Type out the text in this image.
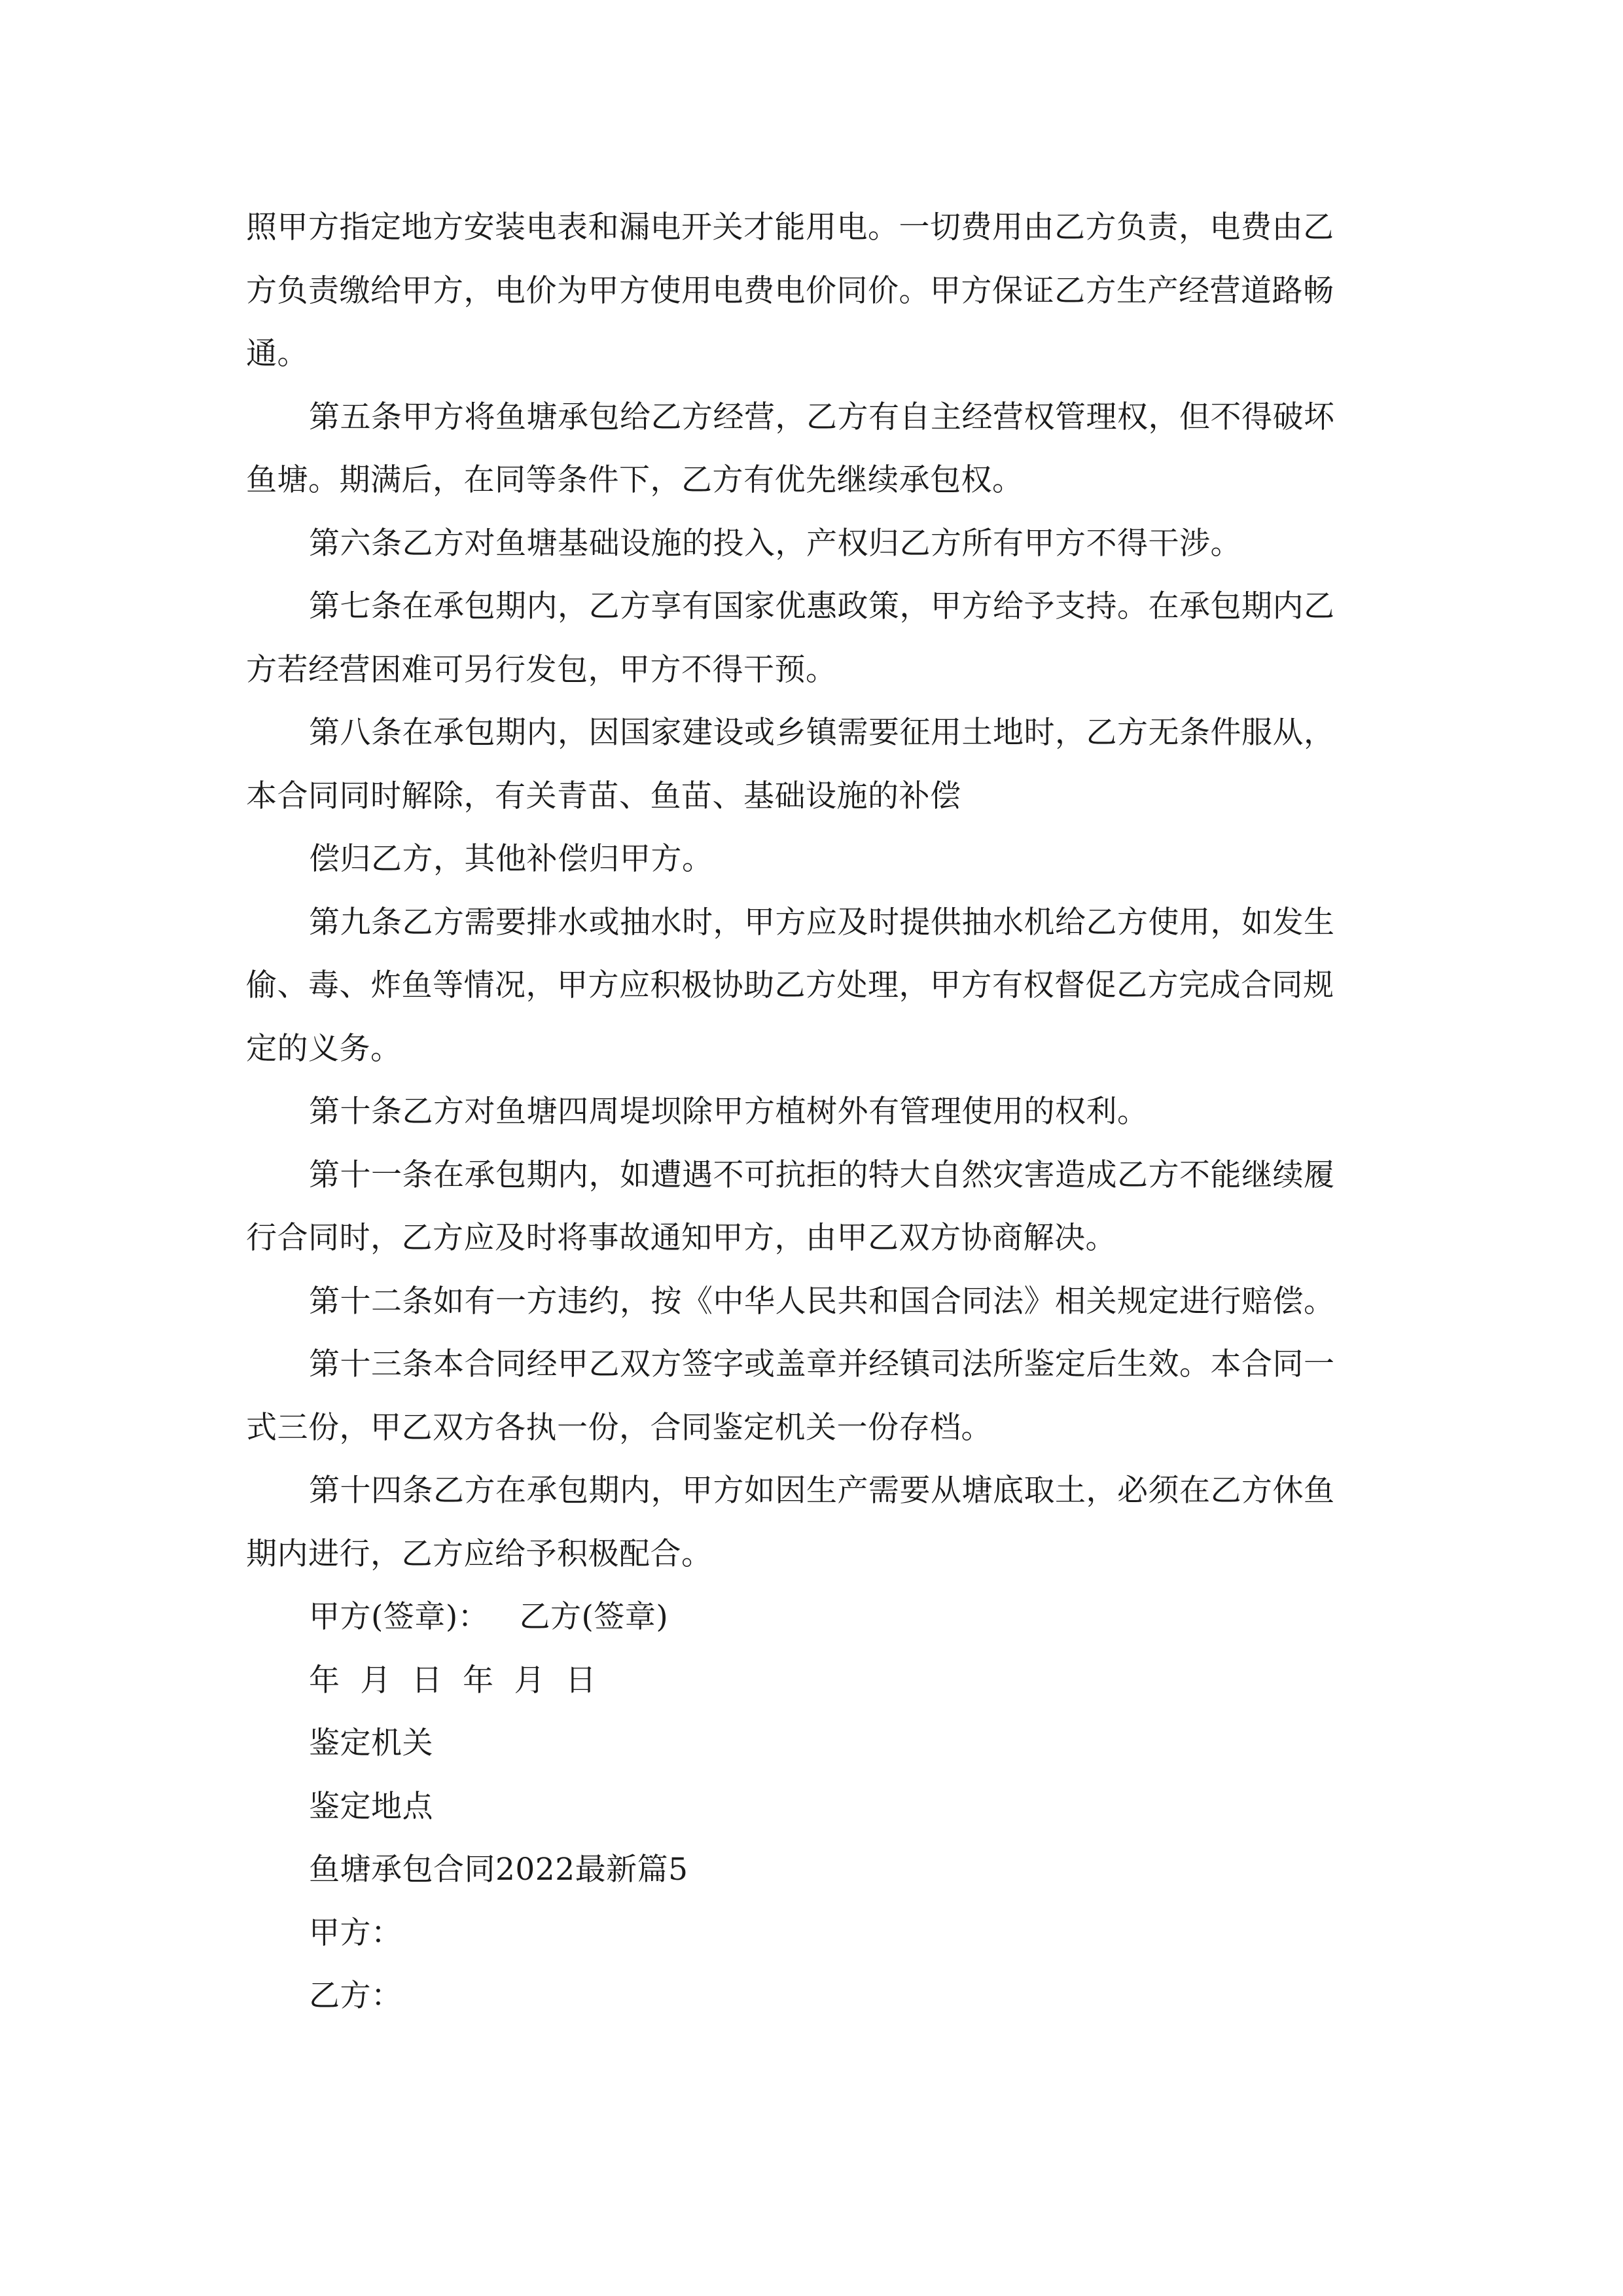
照甲方指定地方安装电表和漏电开关才能用电。一切费用由乙方负责，电费由乙
方负责缴给甲方，电价为甲方使用电费电价同价。甲方保证乙方生产经营道路畅
通。
第五条甲方将鱼塘承包给乙方经营，乙方有自主经营权管理权，但不得破坏
鱼塘。期满后，在同等条件下，乙方有优先继续承包权。
第六条乙方对鱼塘基础设施的投入，产权归乙方所有甲方不得干涉。
第七条在承包期内，乙方享有国家优惠政策，甲方给予支持。在承包期内乙
方若经营困难可另行发包，甲方不得干预。
第八条在承包期内，因国家建设或乡镇需要征用土地时，乙方无条件服从，
本合同同时解除，有关青苗、鱼苗、基础设施的补偿
偿归乙方，其他补偿归甲方。
第九条乙方需要排水或抽水时，甲方应及时提供抽水机给乙方使用，如发生
偷、毒、炸鱼等情况，甲方应积极协助乙方处理，甲方有权督促乙方完成合同规
定的义务。
第十条乙方对鱼塘四周堤坝除甲方植树外有管理使用的权利。
第十一条在承包期内，如遭遇不可抗拒的特大自然灾害造成乙方不能继续履
行合同时，乙方应及时将事故通知甲方，由甲乙双方协商解决。
第十二条如有一方违约，按《中华人民共和国合同法》相关规定进行赔偿。
第十三条本合同经甲乙双方签字或盖章并经镇司法所鉴定后生效。本合同一
式三份，甲乙双方各执一份，合同鉴定机关一份存档。
第十四条乙方在承包期内，甲方如因生产需要从塘底取土，必须在乙方休鱼
期内进行，乙方应给予积极配合。
甲方(签章)： 乙方(签章)
年  月  日  年  月  日
鉴定机关
鉴定地点
鱼塘承包合同2022最新篇5
甲方：
乙方：
